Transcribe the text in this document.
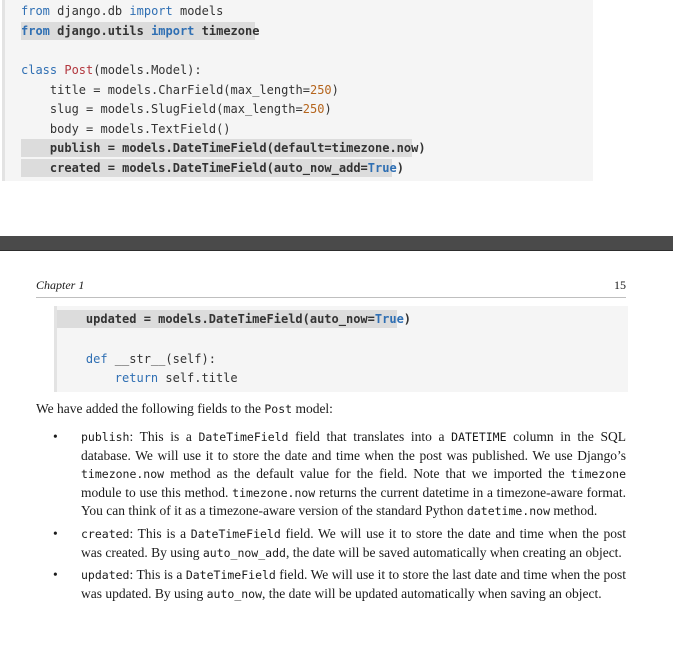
from django.db import models
from django.utils import timezone
class Post(models.Model):
title = models.CharField(max_length=250)
slug = models.SlugField(max_length=250)
body = models.TextField()
publish = models.DateTimeField(default=timezone.now)
created = models.DateTimeField(auto_now_add=True)
Chapter 1	15
updated = models.DateTimeField(auto_now=True)
def __str__(self):
return self.title
We have added the following fields to the Post model:
• publish: This is a DateTimeField field that translates into a DATETIME column in the SQL database. We will use it to store the date and time when the post was published. We use Django’s timezone.now method as the default value for the field. Note that we imported the timezone module to use this method. timezone.now returns the current datetime in a timezone-aware format. You can think of it as a timezone-aware version of the standard Python datetime.now method.
• created: This is a DateTimeField field. We will use it to store the date and time when the post was created. By using auto_now_add, the date will be saved automatically when creating an object.
• updated: This is a DateTimeField field. We will use it to store the last date and time when the post was updated. By using auto_now, the date will be updated automatically when saving an object.
